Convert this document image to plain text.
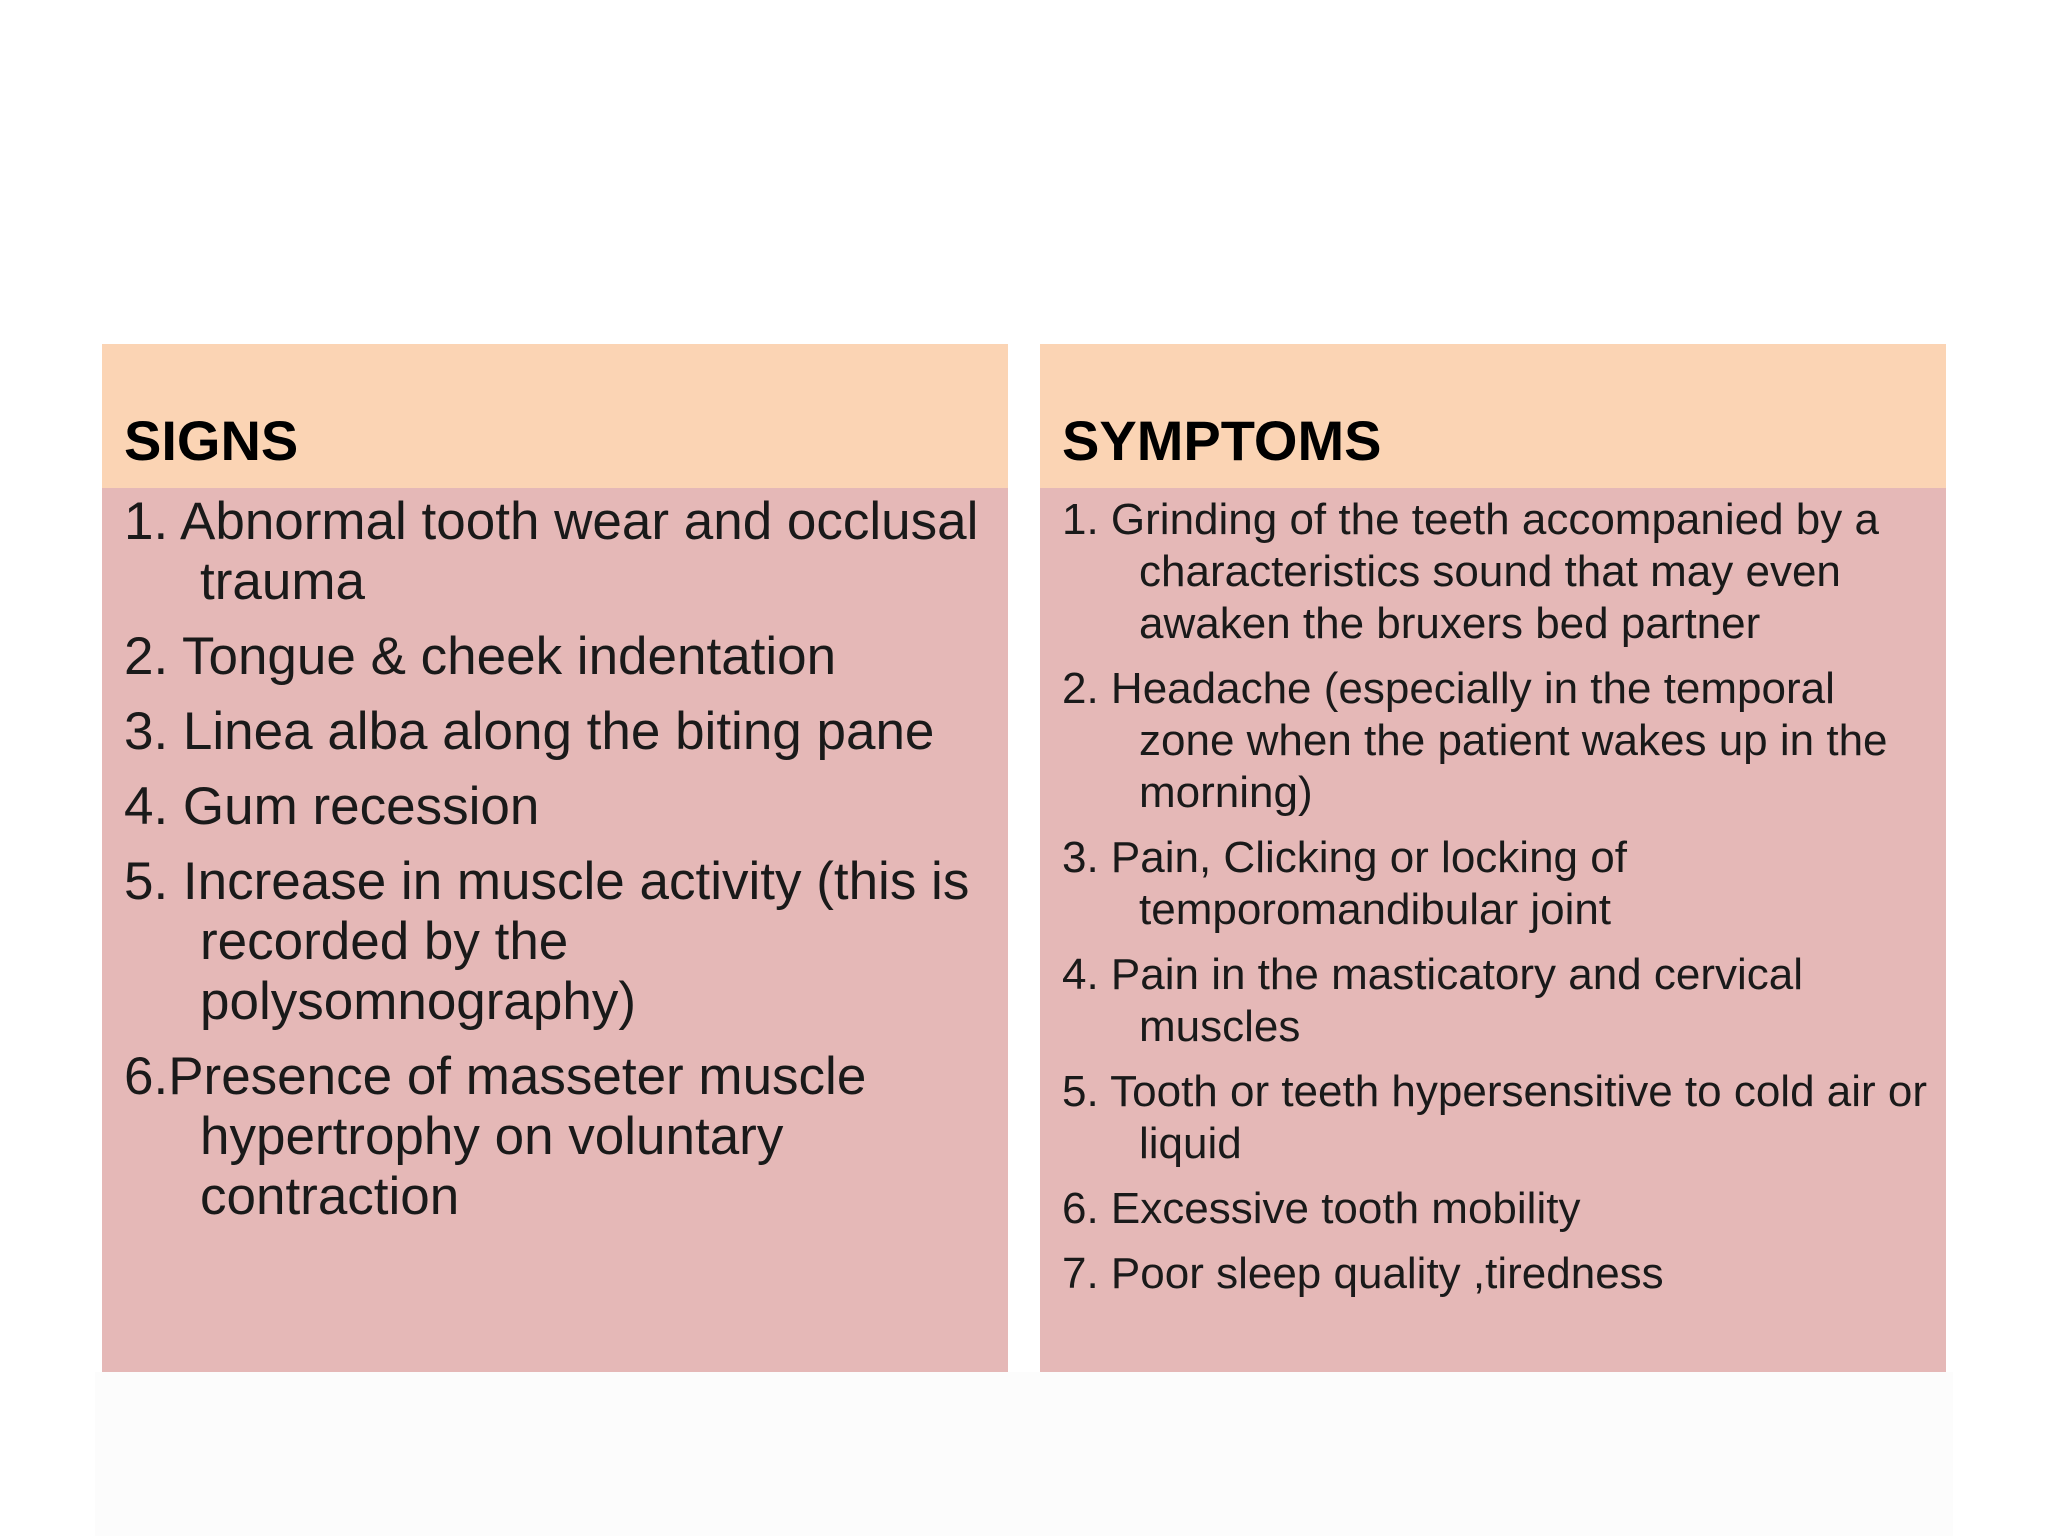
SIGNS
1. Abnormal tooth wear and occlusal trauma
2. Tongue & cheek indentation
3. Linea alba along the biting pane
4. Gum recession
5. Increase in muscle activity (this is recorded by the polysomnography)
6.Presence of masseter muscle hypertrophy on voluntary contraction
SYMPTOMS
1. Grinding of the teeth accompanied by a characteristics sound that may even awaken the bruxers bed partner
2. Headache (especially in the temporal zone when the patient wakes up in the morning)
3. Pain, Clicking or locking of temporomandibular joint
4. Pain in the masticatory and cervical muscles
5. Tooth or teeth hypersensitive to cold air or liquid
6. Excessive tooth mobility
7. Poor sleep quality ,tiredness
